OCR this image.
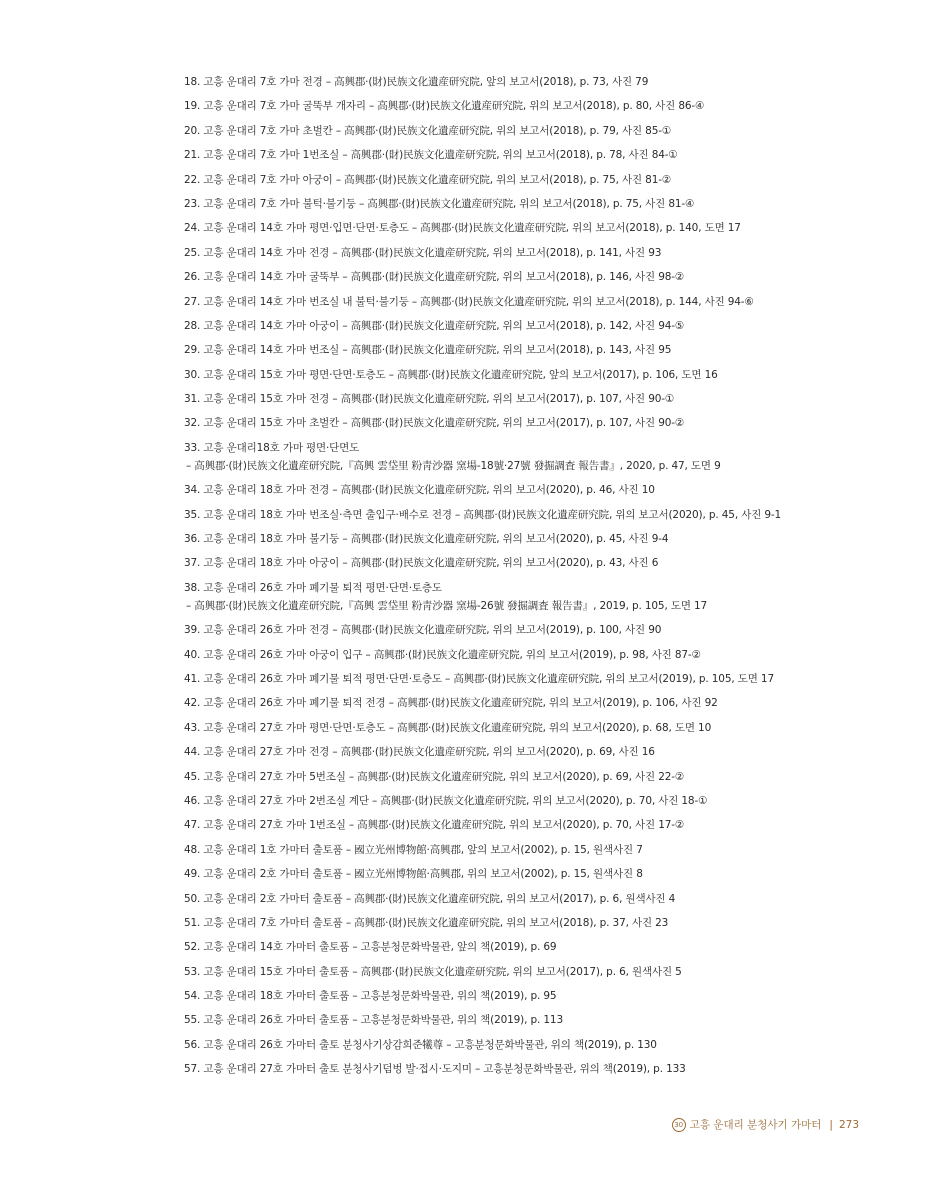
18. 고흥 운대리 7호 가마 전경 – 高興郡·(財)民族文化遺産研究院, 앞의 보고서(2018), p. 73, 사진 79
19. 고흥 운대리 7호 가마 굴뚝부 개자리 – 高興郡·(財)民族文化遺産研究院, 위의 보고서(2018), p. 80, 사진 86-④
20. 고흥 운대리 7호 가마 초벌칸 – 高興郡·(財)民族文化遺産研究院, 위의 보고서(2018), p. 79, 사진 85-①
21. 고흥 운대리 7호 가마 1번조실 – 高興郡·(財)民族文化遺産研究院, 위의 보고서(2018), p. 78, 사진 84-①
22. 고흥 운대리 7호 가마 아궁이 – 高興郡·(財)民族文化遺産研究院, 위의 보고서(2018), p. 75, 사진 81-②
23. 고흥 운대리 7호 가마 불턱·불기둥 – 高興郡·(財)民族文化遺産研究院, 위의 보고서(2018), p. 75, 사진 81-④
24. 고흥 운대리 14호 가마 평면·입면·단면·토층도 – 高興郡·(財)民族文化遺産研究院, 위의 보고서(2018), p. 140, 도면 17
25. 고흥 운대리 14호 가마 전경 – 高興郡·(財)民族文化遺産研究院, 위의 보고서(2018), p. 141, 사진 93
26. 고흥 운대리 14호 가마 굴뚝부 – 高興郡·(財)民族文化遺産研究院, 위의 보고서(2018), p. 146, 사진 98-②
27. 고흥 운대리 14호 가마 번조실 내 불턱·불기둥 – 高興郡·(財)民族文化遺産研究院, 위의 보고서(2018), p. 144, 사진 94-⑥
28. 고흥 운대리 14호 가마 아궁이 – 高興郡·(財)民族文化遺産研究院, 위의 보고서(2018), p. 142, 사진 94-⑤
29. 고흥 운대리 14호 가마 번조실 – 高興郡·(財)民族文化遺産研究院, 위의 보고서(2018), p. 143, 사진 95
30. 고흥 운대리 15호 가마 평면·단면·토층도 – 高興郡·(財)民族文化遺産研究院, 앞의 보고서(2017), p. 106, 도면 16
31. 고흥 운대리 15호 가마 전경 – 高興郡·(財)民族文化遺産研究院, 위의 보고서(2017), p. 107, 사진 90-①
32. 고흥 운대리 15호 가마 초벌칸 – 高興郡·(財)民族文化遺産研究院, 위의 보고서(2017), p. 107, 사진 90-②
33. 고흥 운대리18호 가마 평면·단면도
– 高興郡·(財)民族文化遺産研究院,『高興 雲垈里 粉靑沙器 窯場-18號·27號 發掘調査 報告書』, 2020, p. 47, 도면 9
34. 고흥 운대리 18호 가마 전경 – 高興郡·(財)民族文化遺産研究院, 위의 보고서(2020), p. 46, 사진 10
35. 고흥 운대리 18호 가마 번조실·측면 출입구·배수로 전경 – 高興郡·(財)民族文化遺産研究院, 위의 보고서(2020), p. 45, 사진 9-1
36. 고흥 운대리 18호 가마 불기둥 – 高興郡·(財)民族文化遺産研究院, 위의 보고서(2020), p. 45, 사진 9-4
37. 고흥 운대리 18호 가마 아궁이 – 高興郡·(財)民族文化遺産研究院, 위의 보고서(2020), p. 43, 사진 6
38. 고흥 운대리 26호 가마 폐기물 퇴적 평면·단면·토층도
– 高興郡·(財)民族文化遺産研究院,『高興 雲垈里 粉靑沙器 窯場-26號 發掘調査 報告書』, 2019, p. 105, 도면 17
39. 고흥 운대리 26호 가마 전경 – 高興郡·(財)民族文化遺産研究院, 위의 보고서(2019), p. 100, 사진 90
40. 고흥 운대리 26호 가마 아궁이 입구 – 高興郡·(財)民族文化遺産研究院, 위의 보고서(2019), p. 98, 사진 87-②
41. 고흥 운대리 26호 가마 폐기물 퇴적 평면·단면·토층도 – 高興郡·(財)民族文化遺産研究院, 위의 보고서(2019), p. 105, 도면 17
42. 고흥 운대리 26호 가마 폐기물 퇴적 전경 – 高興郡·(財)民族文化遺産研究院, 위의 보고서(2019), p. 106, 사진 92
43. 고흥 운대리 27호 가마 평면·단면·토층도 – 高興郡·(財)民族文化遺産研究院, 위의 보고서(2020), p. 68, 도면 10
44. 고흥 운대리 27호 가마 전경 – 高興郡·(財)民族文化遺産研究院, 위의 보고서(2020), p. 69, 사진 16
45. 고흥 운대리 27호 가마 5번조실 – 高興郡·(財)民族文化遺産研究院, 위의 보고서(2020), p. 69, 사진 22-②
46. 고흥 운대리 27호 가마 2번조실 계단 – 高興郡·(財)民族文化遺産研究院, 위의 보고서(2020), p. 70, 사진 18-①
47. 고흥 운대리 27호 가마 1번조실 – 高興郡·(財)民族文化遺産研究院, 위의 보고서(2020), p. 70, 사진 17-②
48. 고흥 운대리 1호 가마터 출토품 – 國立光州博物館·高興郡, 앞의 보고서(2002), p. 15, 원색사진 7
49. 고흥 운대리 2호 가마터 출토품 – 國立光州博物館·高興郡, 위의 보고서(2002), p. 15, 원색사진 8
50. 고흥 운대리 2호 가마터 출토품 – 高興郡·(財)民族文化遺産研究院, 위의 보고서(2017), p. 6, 원색사진 4
51. 고흥 운대리 7호 가마터 출토품 – 高興郡·(財)民族文化遺産研究院, 위의 보고서(2018), p. 37, 사진 23
52. 고흥 운대리 14호 가마터 출토품 – 고흥분청문화박물관, 앞의 책(2019), p. 69
53. 고흥 운대리 15호 가마터 출토품 – 高興郡·(財)民族文化遺産研究院, 위의 보고서(2017), p. 6, 원색사진 5
54. 고흥 운대리 18호 가마터 출토품 – 고흥분청문화박물관, 위의 책(2019), p. 95
55. 고흥 운대리 26호 가마터 출토품 – 고흥분청문화박물관, 위의 책(2019), p. 113
56. 고흥 운대리 26호 가마터 출토 분청사기상감희준犧尊 – 고흥분청문화박물관, 위의 책(2019), p. 130
57. 고흥 운대리 27호 가마터 출토 분청사기덤벙 발·접시·도지미 – 고흥분청문화박물관, 위의 책(2019), p. 133
30 고흥 운대리 분청사기 가마터 | 273
